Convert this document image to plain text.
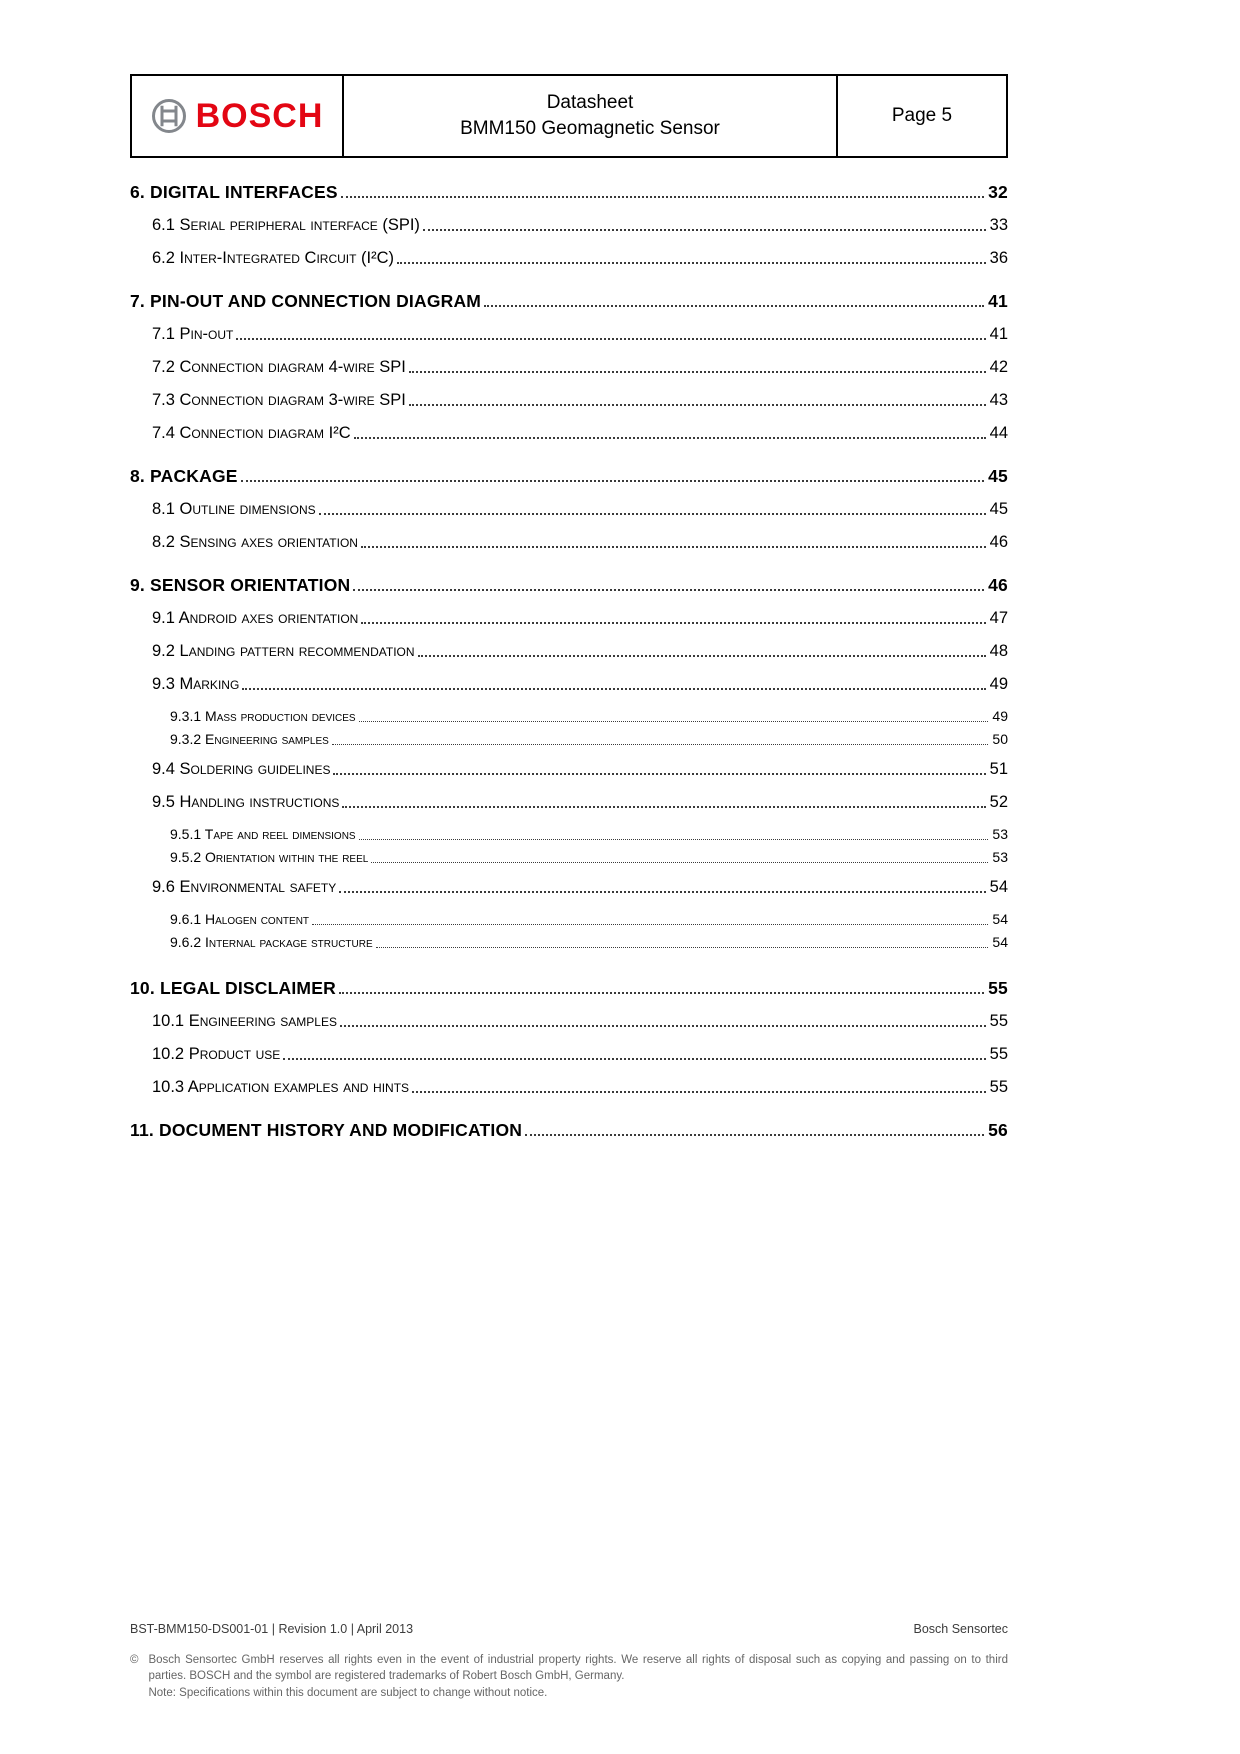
BOSCH	Datasheet
BMM150 Geomagnetic Sensor
Page 5
6. DIGITAL INTERFACES	32
6.1 Serial peripheral interface (SPI)	33
6.2 Inter-Integrated Circuit (I²C)	36
7. PIN-OUT AND CONNECTION DIAGRAM	41
7.1 Pin-out	41
7.2 Connection diagram 4-wire SPI	42
7.3 Connection diagram 3-wire SPI	43
7.4 Connection diagram I²C	44
8. PACKAGE	45
8.1 Outline dimensions	45
8.2 Sensing axes orientation	46
9. SENSOR ORIENTATION	46
9.1 Android axes orientation	47
9.2 Landing pattern recommendation	48
9.3 Marking	49
9.3.1 Mass production devices	49
9.3.2 Engineering samples	50
9.4 Soldering guidelines	51
9.5 Handling instructions	52
9.5.1 Tape and reel dimensions	53
9.5.2 Orientation within the reel	53
9.6 Environmental safety	54
9.6.1 Halogen content	54
9.6.2 Internal package structure	54
10. LEGAL DISCLAIMER	55
10.1 Engineering samples	55
10.2 Product use	55
10.3 Application examples and hints	55
11. DOCUMENT HISTORY AND MODIFICATION	56
BST-BMM150-DS001-01 | Revision 1.0 | April 2013	Bosch Sensortec
© Bosch Sensortec GmbH reserves all rights even in the event of industrial property rights. We reserve all rights of disposal such as copying and passing on to third parties. BOSCH and the symbol are registered trademarks of Robert Bosch GmbH, Germany.
Note: Specifications within this document are subject to change without notice.
